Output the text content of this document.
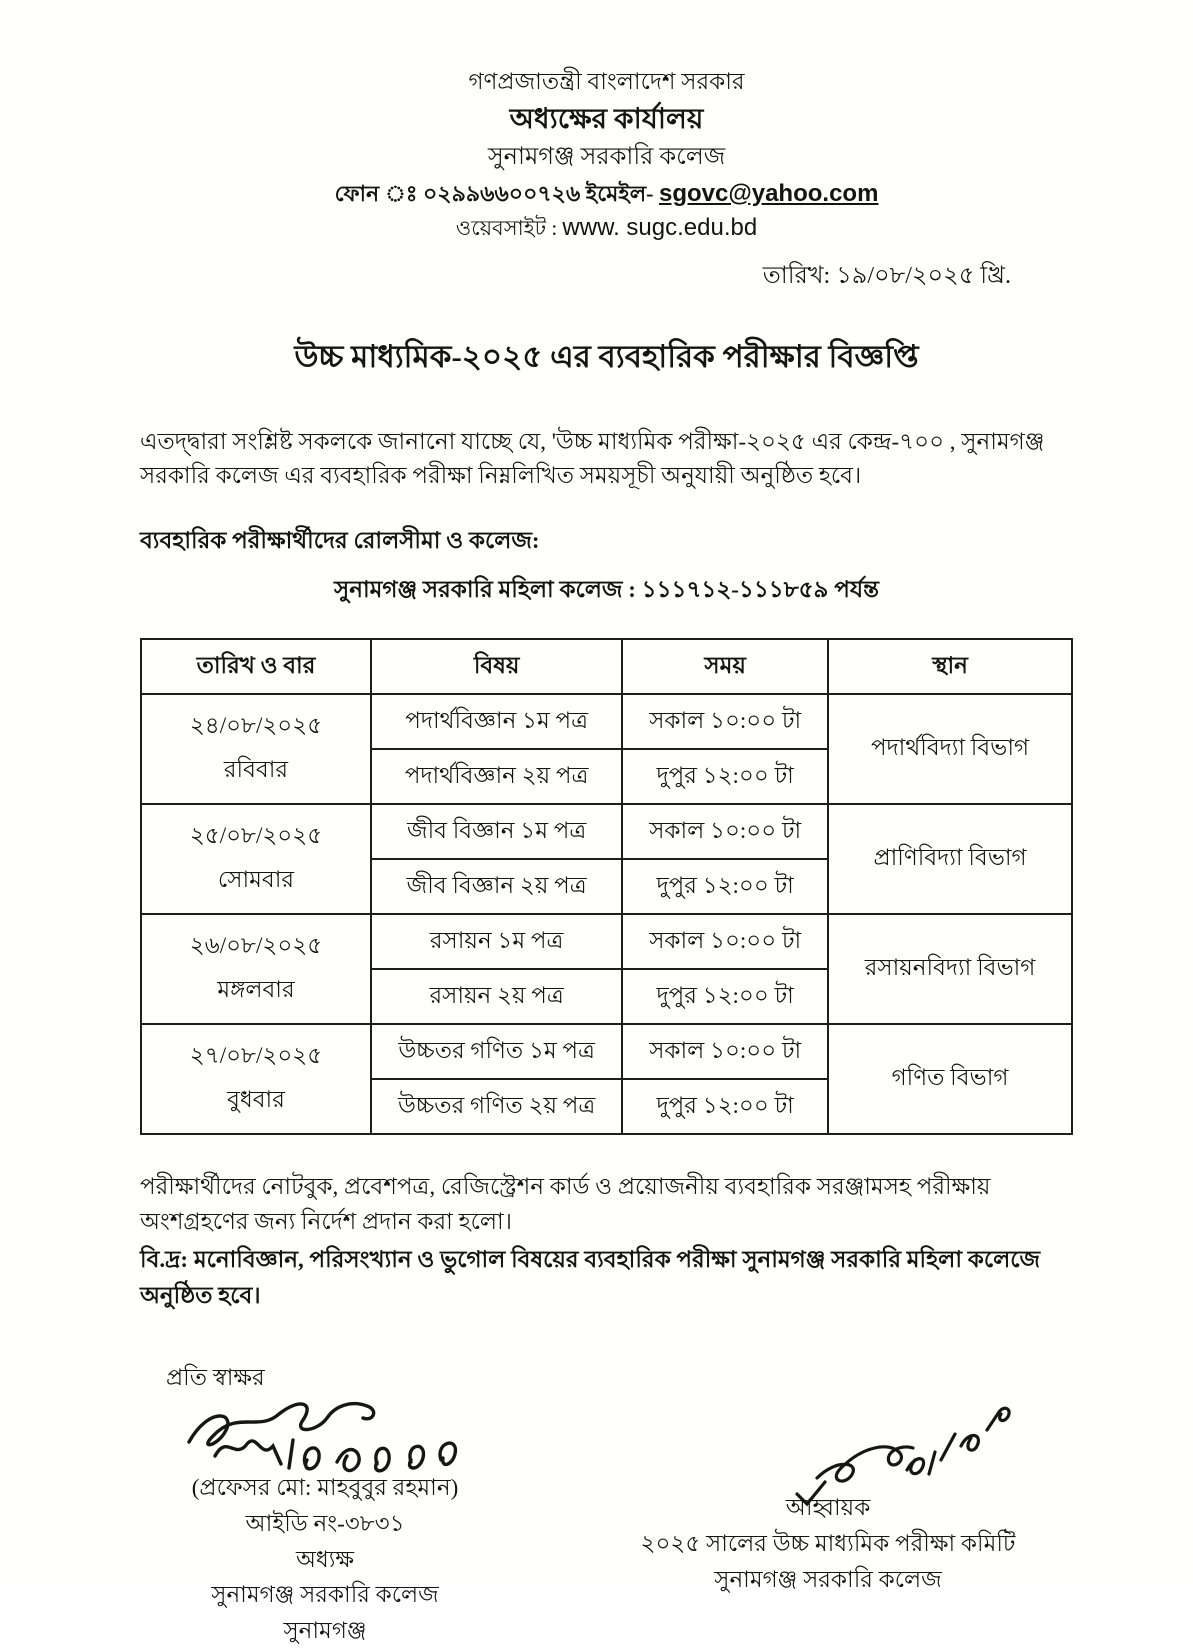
গণপ্রজাতন্ত্রী বাংলাদেশ সরকার
অধ্যক্ষের কার্যালয়
সুনামগঞ্জ সরকারি কলেজ
ফোন ঃ ০২৯৯৬৬০০৭২৬ ইমেইল- sgovc@yahoo.com
ওয়েবসাইট : www. sugc.edu.bd
তারিখ: ১৯/০৮/২০২৫ খ্রি.
উচ্চ মাধ্যমিক-২০২৫ এর ব্যবহারিক পরীক্ষার বিজ্ঞপ্তি
এতদ্দ্বারা সংশ্লিষ্ট সকলকে জানানো যাচ্ছে যে, 'উচ্চ মাধ্যমিক পরীক্ষা-২০২৫ এর কেন্দ্র-৭০০ , সুনামগঞ্জ সরকারি কলেজ এর ব্যবহারিক পরীক্ষা নিম্নলিখিত সময়সূচী অনুযায়ী অনুষ্ঠিত হবে।
ব্যবহারিক পরীক্ষার্থীদের রোলসীমা ও কলেজ:
সুনামগঞ্জ সরকারি মহিলা কলেজ : ১১১৭১২-১১১৮৫৯ পর্যন্ত
তারিখ ও বার	বিষয়	সময়	স্থান

২৪/০৮/২০২৫
রবিবার	পদার্থবিজ্ঞান ১ম পত্র	সকাল ১০:০০ টা	পদার্থবিদ্যা বিভাগ
	পদার্থবিজ্ঞান ২য় পত্র	দুপুর ১২:০০ টা	

২৫/০৮/২০২৫
সোমবার	জীব বিজ্ঞান ১ম পত্র	সকাল ১০:০০ টা	প্রাণিবিদ্যা বিভাগ
	জীব বিজ্ঞান ২য় পত্র	দুপুর ১২:০০ টা	

২৬/০৮/২০২৫
মঙ্গলবার	রসায়ন ১ম পত্র	সকাল ১০:০০ টা	রসায়নবিদ্যা বিভাগ
	রসায়ন ২য় পত্র	দুপুর ১২:০০ টা	

২৭/০৮/২০২৫
বুধবার	উচ্চতর গণিত ১ম পত্র	সকাল ১০:০০ টা	গণিত বিভাগ
	উচ্চতর গণিত ২য় পত্র	দুপুর ১২:০০ টা	
পরীক্ষার্থীদের নোটবুক, প্রবেশপত্র, রেজিস্ট্রেশন কার্ড ও প্রয়োজনীয় ব্যবহারিক সরঞ্জামসহ পরীক্ষায় অংশগ্রহণের জন্য নির্দেশ প্রদান করা হলো।
বি.দ্র: মনোবিজ্ঞান, পরিসংখ্যান ও ভুগোল বিষয়ের ব্যবহারিক পরীক্ষা সুনামগঞ্জ সরকারি মহিলা কলেজে অনুষ্ঠিত হবে।
প্রতি স্বাক্ষর
(প্রফেসর মো: মাহবুবুর রহমান)
আইডি নং-৩৮৩১
অধ্যক্ষ
সুনামগঞ্জ সরকারি কলেজ
সুনামগঞ্জ
আহ্বায়ক
২০২৫ সালের উচ্চ মাধ্যমিক পরীক্ষা কমিটি
সুনামগঞ্জ সরকারি কলেজ
